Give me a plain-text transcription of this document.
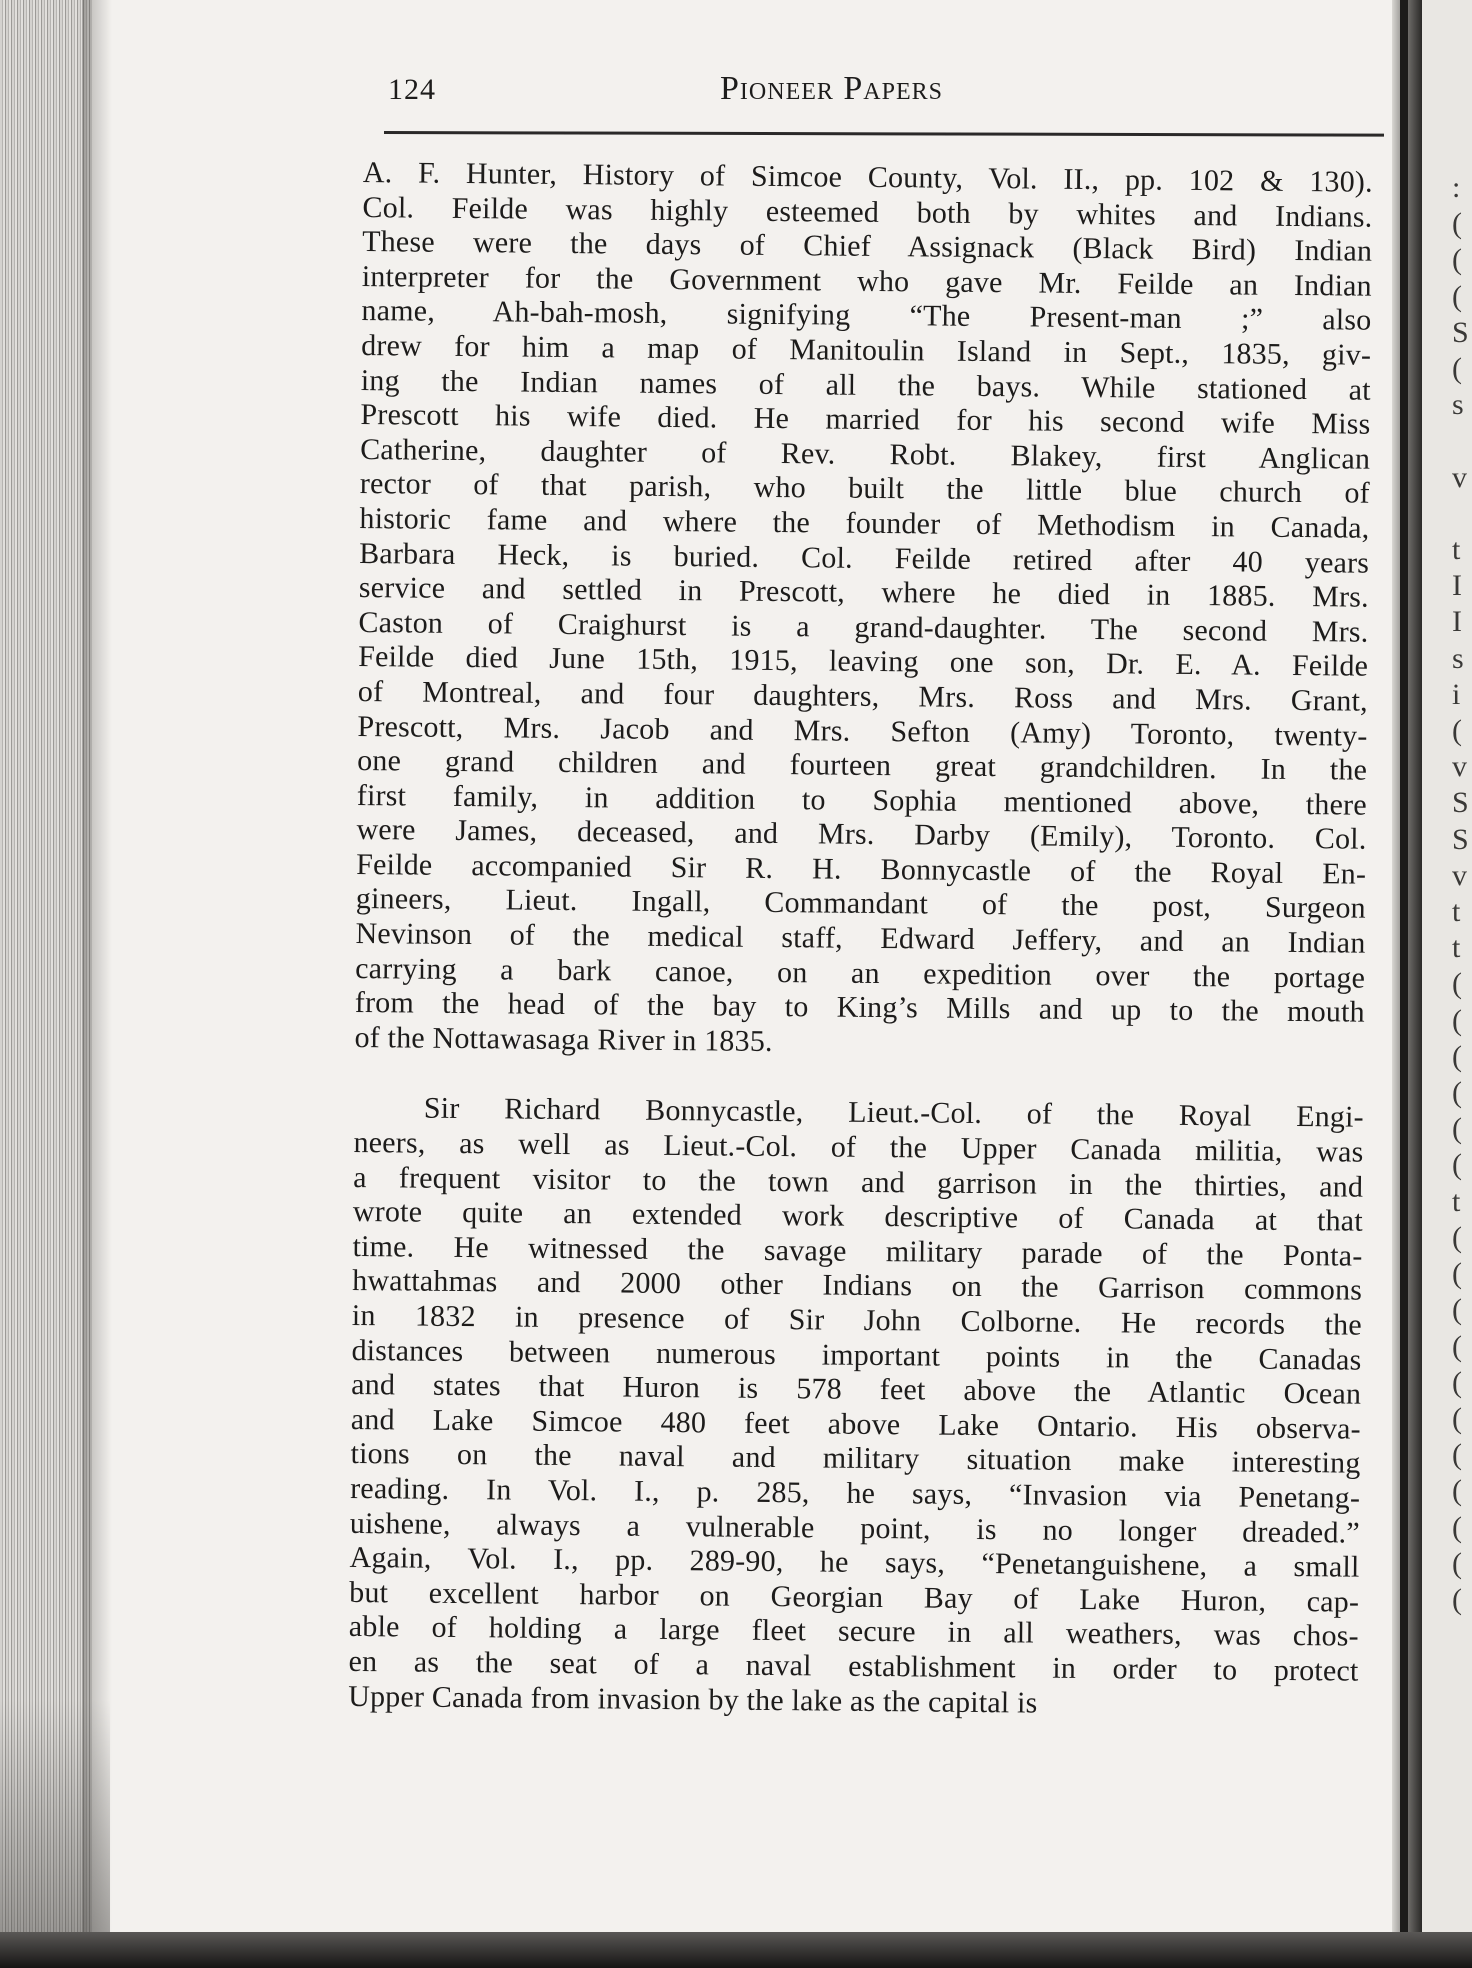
124	Pioneer Papers

A. F. Hunter, History of Simcoe County, Vol. II., pp. 102 & 130).
Col. Feilde was highly esteemed both by whites and Indians.
These were the days of Chief Assignack (Black Bird) Indian
interpreter for the Government who gave Mr. Feilde an Indian
name, Ah-bah-mosh, signifying “The Present-man ;” also
drew for him a map of Manitoulin Island in Sept., 1835, giv-
ing the Indian names of all the bays. While stationed at
Prescott his wife died. He married for his second wife Miss
Catherine, daughter of Rev. Robt. Blakey, first Anglican
rector of that parish, who built the little blue church of
historic fame and where the founder of Methodism in Canada,
Barbara Heck, is buried. Col. Feilde retired after 40 years
service and settled in Prescott, where he died in 1885. Mrs.
Caston of Craighurst is a grand-daughter. The second Mrs.
Feilde died June 15th, 1915, leaving one son, Dr. E. A. Feilde
of Montreal, and four daughters, Mrs. Ross and Mrs. Grant,
Prescott, Mrs. Jacob and Mrs. Sefton (Amy) Toronto, twenty-
one grand children and fourteen great grandchildren. In the
first family, in addition to Sophia mentioned above, there
were James, deceased, and Mrs. Darby (Emily), Toronto. Col.
Feilde accompanied Sir R. H. Bonnycastle of the Royal En-
gineers, Lieut. Ingall, Commandant of the post, Surgeon
Nevinson of the medical staff, Edward Jeffery, and an Indian
carrying a bark canoe, on an expedition over the portage
from the head of the bay to King’s Mills and up to the mouth
of the Nottawasaga River in 1835.

Sir Richard Bonnycastle, Lieut.-Col. of the Royal Engi-
neers, as well as Lieut.-Col. of the Upper Canada militia, was
a frequent visitor to the town and garrison in the thirties, and
wrote quite an extended work descriptive of Canada at that
time. He witnessed the savage military parade of the Ponta-
hwattahmas and 2000 other Indians on the Garrison commons
in 1832 in presence of Sir John Colborne. He records the
distances between numerous important points in the Canadas
and states that Huron is 578 feet above the Atlantic Ocean
and Lake Simcoe 480 feet above Lake Ontario. His observa-
tions on the naval and military situation make interesting
reading. In Vol. I., p. 285, he says, “Invasion via Penetang-
uishene, always a vulnerable point, is no longer dreaded.”
Again, Vol. I., pp. 289-90, he says, “Penetanguishene, a small
but excellent harbor on Georgian Bay of Lake Huron, cap-
able of holding a large fleet secure in all weathers, was chos-
en as the seat of a naval establishment in order to protect
Upper Canada from invasion by the lake as the capital is

:
(
(
(
S
(
s

v

t
I
I
s
i
(
v
S
S
v
t
t
(
(
(
(
(
(
t
(
(
(
(
(
(
(
(
(
(
(
